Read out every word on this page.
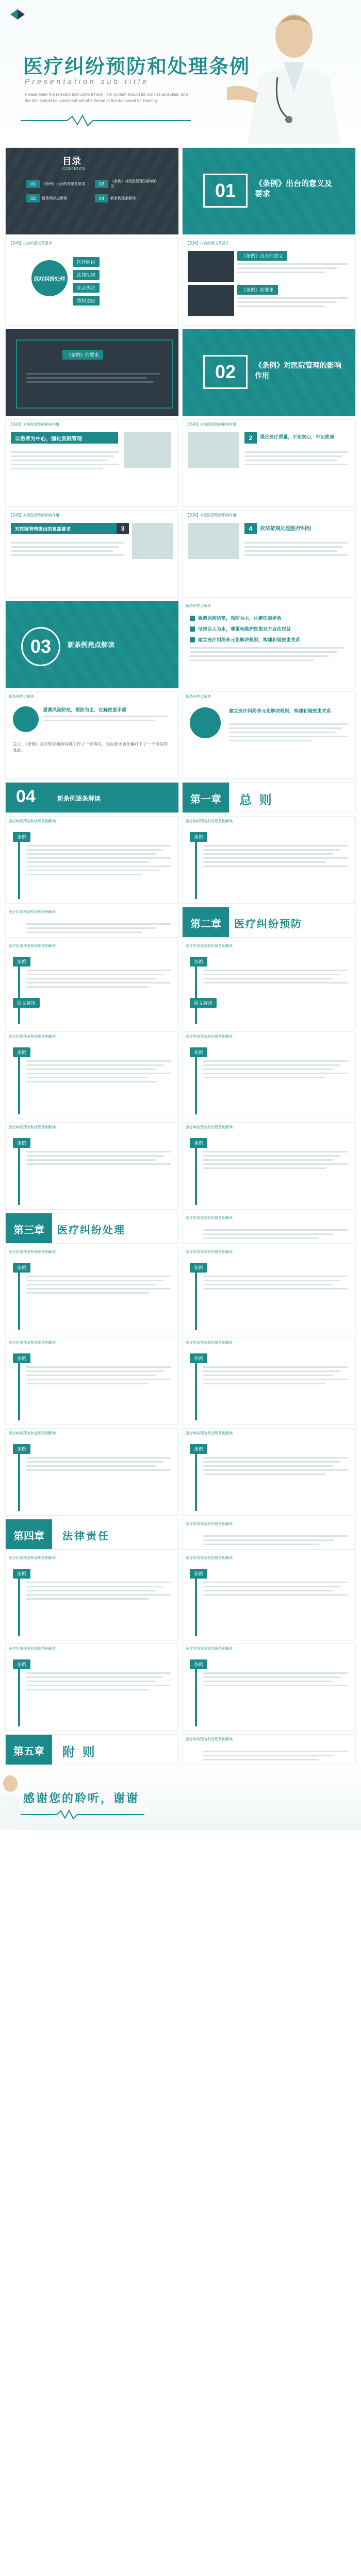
医疗纠纷预防和处理条例
Presentation sub title
Please enter the relevant text content here. The content should be concise and clear, and the font should be consistent with the theme of the document for reading.
目录
CONTENTS
01	《条例》出台的背景及要求	02	《条例》对医院管理的影响作用
03	新条例亮点解读	04	新条例逐条解读	01 《条例》出台的意义及要求
【条例】出台的意义及要求
医疗纠纷处理
医疗纠纷
法律法规
社会舆论
维权途径
【条例】出台的意义及要求
《条例》出台的意义
《条例》的要求
《条例》的要求
02	《条例》对医院管理的影响作用
【条例】对医院管理的影响作用
以患者为中心，强化医院管理
【条例】对医院管理的影响作用
2	强化医疗质量，不忘初心，牢记使命
【条例】对医院管理的影响作用
对医院管理提出的更高要求	3
【条例】对医院管理的影响作用
4	依法依规处理医疗纠纷
03 新条例亮点解读
新条例亮点解读
强调风险防范，预防为主，化解医患矛盾
坚持以人为本，尊重和维护医患双方合法权益
建立医疗纠纷多元化解决机制，构建和谐医患关系
新条例亮点解读
强调风险防范，预防为主，化解医患矛盾
总之，《条例》是对现存纠纷问题工作了一步落实，为医患矛盾化解打下了一个坚实的基础。
新条例亮点解读
建立医疗纠纷多元化解决机制，构建和谐医患关系
04	新条例逐条解读	第一章	总 则
医疗纠纷预防和处理条例解读
条例
医疗纠纷预防和处理条例解读
条例
医疗纠纷预防和处理条例解读
第二章	医疗纠纷预防
医疗纠纷预防和处理条例解读
条例
原文解读
医疗纠纷预防和处理条例解读
条例
原文解读
医疗纠纷预防和处理条例解读
条例
医疗纠纷预防和处理条例解读
条例
医疗纠纷预防和处理条例解读
条例
医疗纠纷预防和处理条例解读
条例
第三章	医疗纠纷处理
医疗纠纷预防和处理条例解读
医疗纠纷预防和处理条例解读
条例
医疗纠纷预防和处理条例解读
条例
医疗纠纷预防和处理条例解读
条例
医疗纠纷预防和处理条例解读
条例
医疗纠纷预防和处理条例解读
条例
医疗纠纷预防和处理条例解读
条例
第四章	法律责任
医疗纠纷预防和处理条例解读
医疗纠纷预防和处理条例解读
条例
医疗纠纷预防和处理条例解读
条例
医疗纠纷预防和处理条例解读
条例
医疗纠纷预防和处理条例解读
条例
第五章	附 则
医疗纠纷预防和处理条例解读
感谢您的聆听，谢谢
